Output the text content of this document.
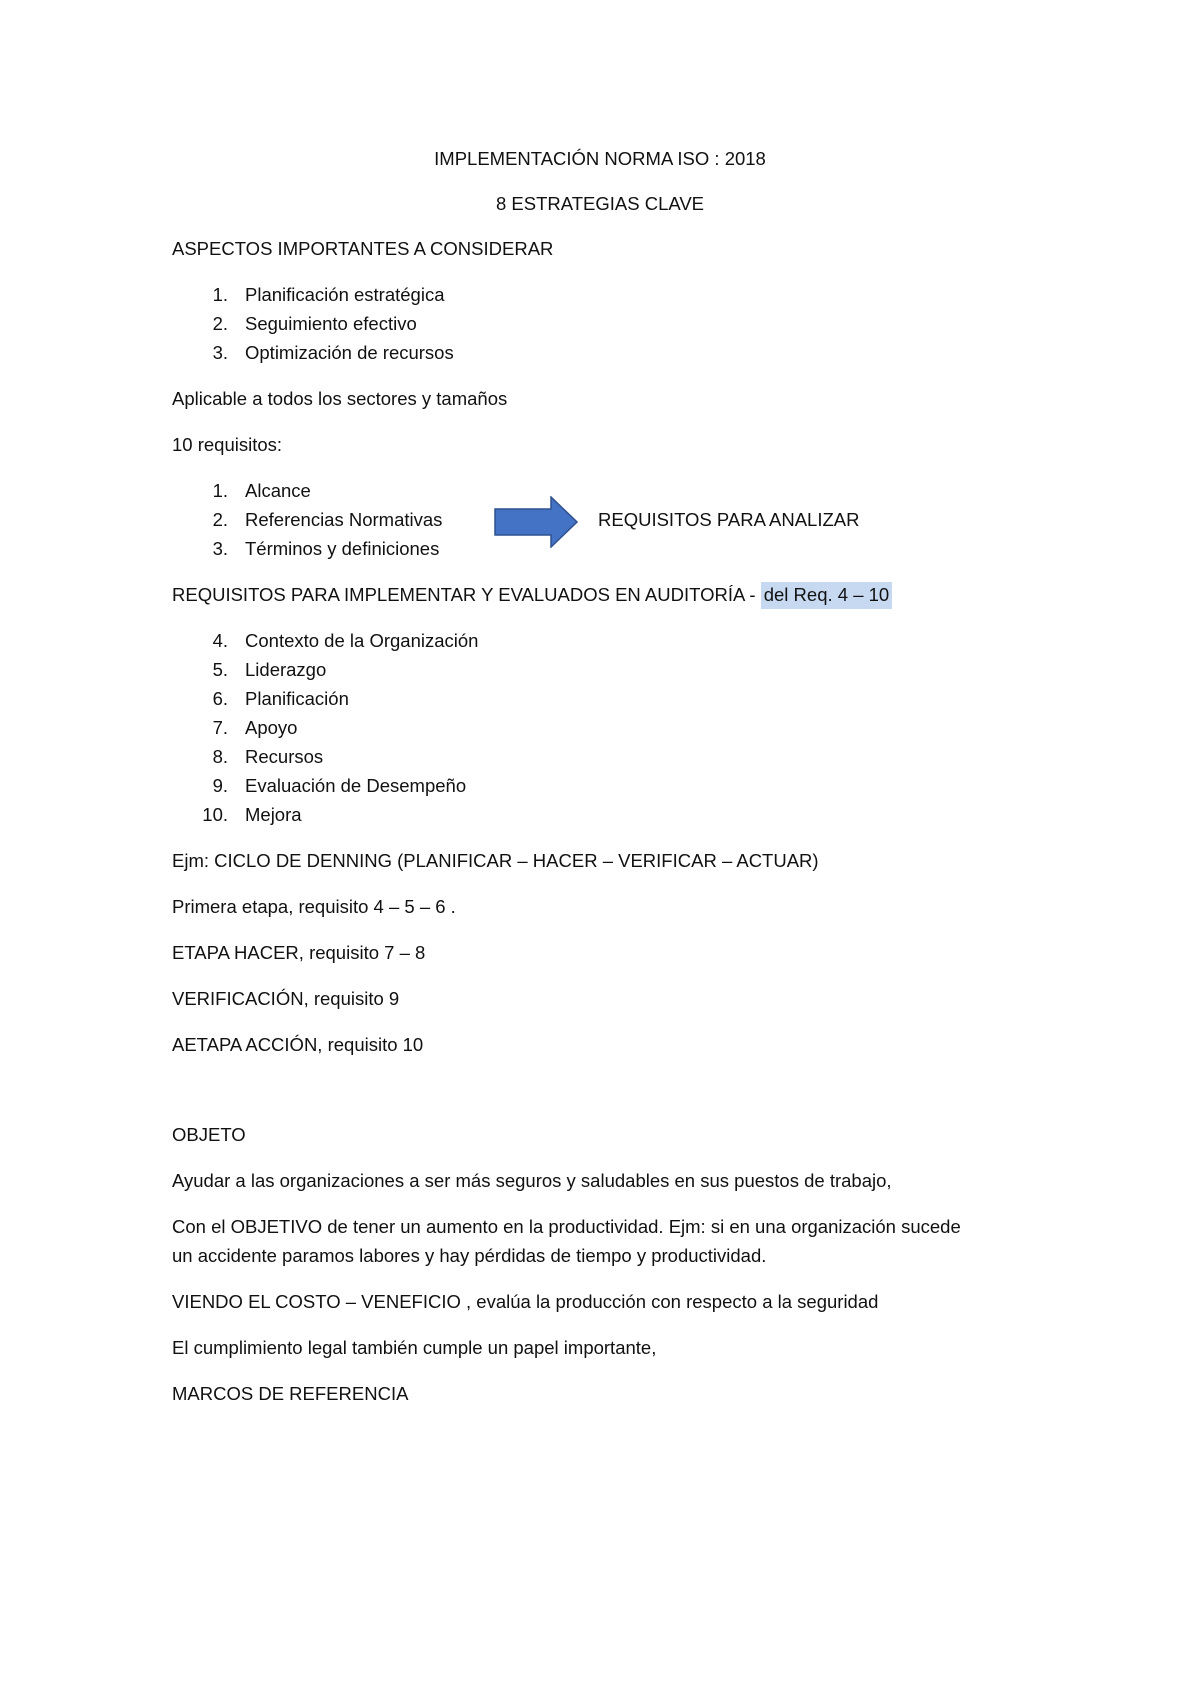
IMPLEMENTACIÓN NORMA ISO : 2018
8 ESTRATEGIAS CLAVE
ASPECTOS IMPORTANTES A CONSIDERAR
1. Planificación estratégica
2. Seguimiento efectivo
3. Optimización de recursos
Aplicable a todos los sectores y tamaños
10 requisitos:
1. Alcance
2. Referencias Normativas
3. Términos y definiciones
REQUISITOS PARA ANALIZAR
REQUISITOS PARA IMPLEMENTAR Y EVALUADOS EN AUDITORÍA - del Req. 4 – 10
4. Contexto de la Organización
5. Liderazgo
6. Planificación
7. Apoyo
8. Recursos
9. Evaluación de Desempeño
10. Mejora
Ejm: CICLO DE DENNING (PLANIFICAR – HACER – VERIFICAR – ACTUAR)
Primera etapa, requisito 4 – 5 – 6 .
ETAPA HACER, requisito 7 – 8
VERIFICACIÓN, requisito 9
AETAPA ACCIÓN, requisito 10
OBJETO
Ayudar a las organizaciones a ser más seguros y saludables en sus puestos de trabajo,
Con el OBJETIVO de tener un aumento en la productividad. Ejm: si en una organización sucede
un accidente paramos labores y hay pérdidas de tiempo y productividad.
VIENDO EL COSTO – VENEFICIO , evalúa la producción con respecto a la seguridad
El cumplimiento legal también cumple un papel importante,
MARCOS DE REFERENCIA
